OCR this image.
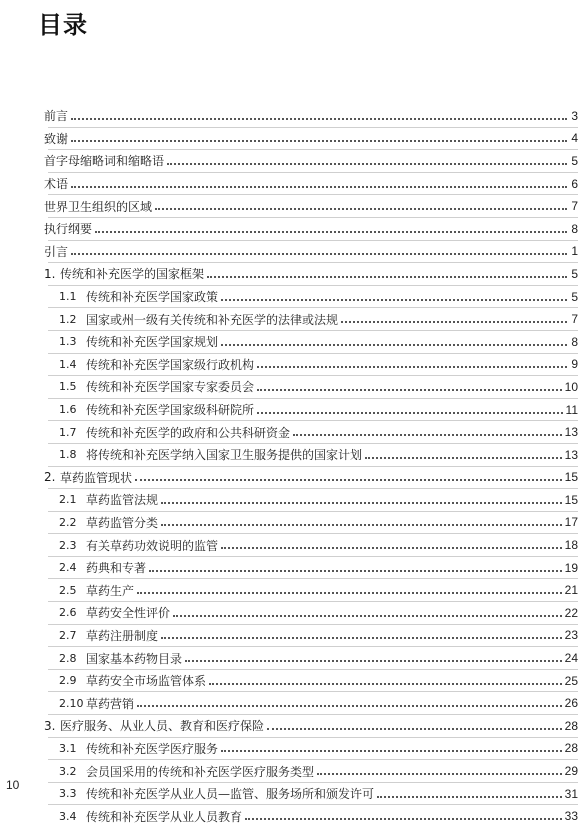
目录
前言	3
致谢	4
首字母缩略词和缩略语	5
术语	6
世界卫生组织的区域	7
执行纲要	8
引言	1
1. 传统和补充医学的国家框架	5
1.1 传统和补充医学国家政策	5
1.2 国家或州一级有关传统和补充医学的法律或法规	7
1.3 传统和补充医学国家规划	8
1.4 传统和补充医学国家级行政机构	9
1.5 传统和补充医学国家专家委员会	10
1.6 传统和补充医学国家级科研院所	11
1.7 传统和补充医学的政府和公共科研资金	13
1.8 将传统和补充医学纳入国家卫生服务提供的国家计划	13
2. 草药监管现状	15
2.1 草药监管法规	15
2.2 草药监管分类	17
2.3 有关草药功效说明的监管	18
2.4 药典和专著	19
2.5 草药生产	21
2.6 草药安全性评价	22
2.7 草药注册制度	23
2.8 国家基本药物目录	24
2.9 草药安全市场监管体系	25
2.10 草药营销	26
3. 医疗服务、从业人员、教育和医疗保险	28
3.1 传统和补充医学医疗服务	28
3.2 会员国采用的传统和补充医学医疗服务类型	29
3.3 传统和补充医学从业人员—监管、服务场所和颁发许可	31
3.4 传统和补充医学从业人员教育	33
10
